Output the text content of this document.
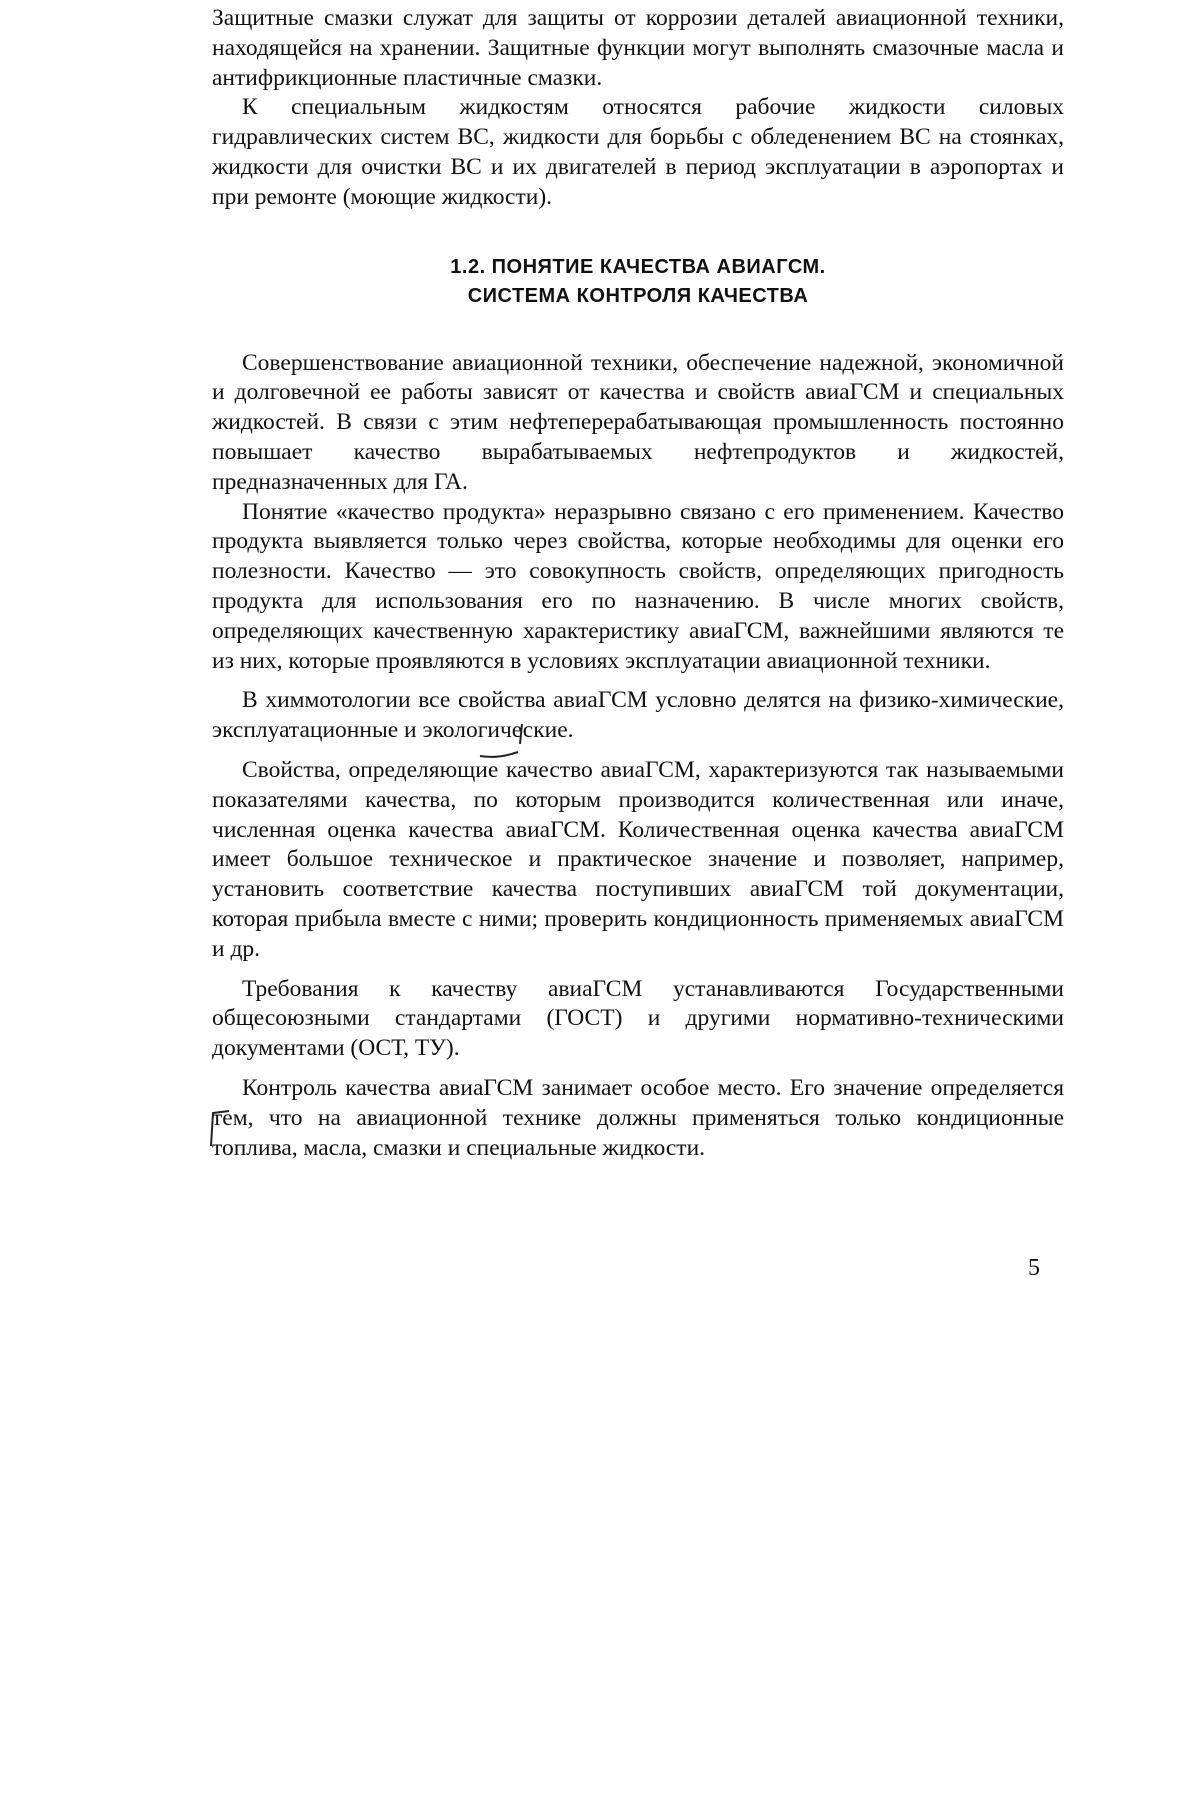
Защитные смазки служат для защиты от коррозии деталей авиационной техники, находящейся на хранении. Защитные функции могут выполнять смазочные масла и антифрикционные пластичные смазки.

К специальным жидкостям относятся рабочие жидкости силовых гидравлических систем ВС, жидкости для борьбы с обледенением ВС на стоянках, жидкости для очистки ВС и их двигателей в период эксплуатации в аэропортах и при ремонте (моющие жидкости).

1.2. ПОНЯТИЕ КАЧЕСТВА АВИАГСМ.
СИСТЕМА КОНТРОЛЯ КАЧЕСТВА

Совершенствование авиационной техники, обеспечение надежной, экономичной и долговечной ее работы зависят от качества и свойств авиаГСМ и специальных жидкостей. В связи с этим нефтеперерабатывающая промышленность постоянно повышает качество вырабатываемых нефтепродуктов и жидкостей, предназначенных для ГА.

Понятие «качество продукта» неразрывно связано с его применением. Качество продукта выявляется только через свойства, которые необходимы для оценки его полезности. Качество — это совокупность свойств, определяющих пригодность продукта для использования его по назначению. В числе многих свойств, определяющих качественную характеристику авиаГСМ, важнейшими являются те из них, которые проявляются в условиях эксплуатации авиационной техники.

В химмотологии все свойства авиаГСМ условно делятся на физико-химические, эксплуатационные и экологические.

Свойства, определяющие качество авиаГСМ, характеризуются так называемыми показателями качества, по которым производится количественная или иначе, численная оценка качества авиаГСМ. Количественная оценка качества авиаГСМ имеет большое техническое и практическое значение и позволяет, например, установить соответствие качества поступивших авиаГСМ той документации, которая прибыла вместе с ними; проверить кондиционность применяемых авиаГСМ и др.

Требования к качеству авиаГСМ устанавливаются Государственными общесоюзными стандартами (ГОСТ) и другими нормативно-техническими документами (ОСТ, ТУ).

Контроль качества авиаГСМ занимает особое место. Его значение определяется тем, что на авиационной технике должны применяться только кондиционные топлива, масла, смазки и специальные жидкости.

5
